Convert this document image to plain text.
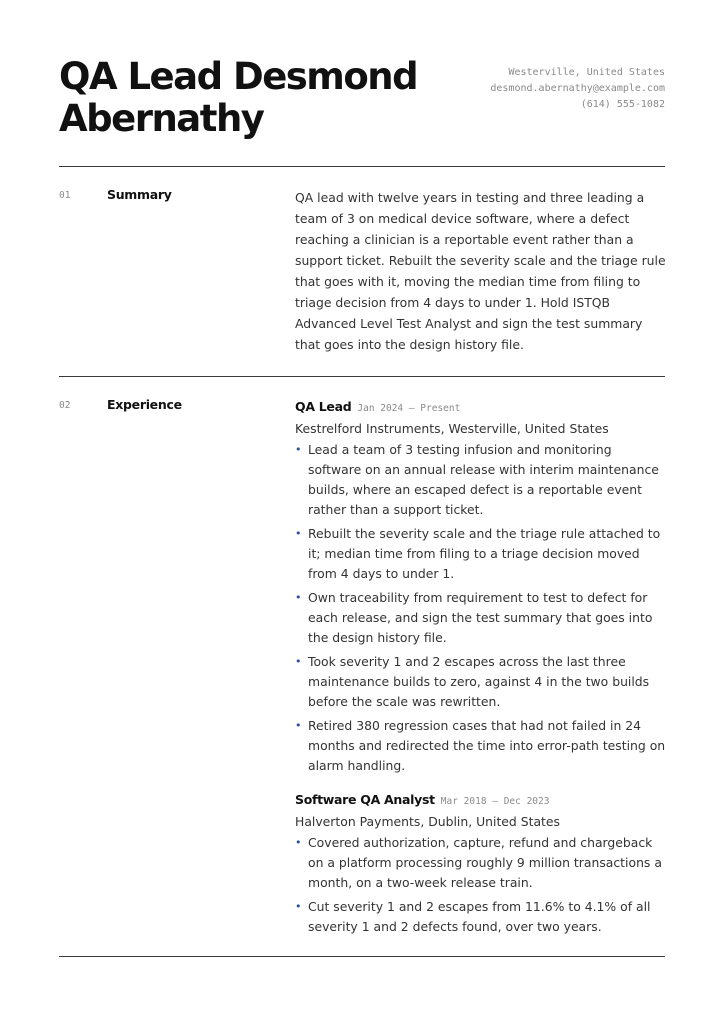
QA Lead Desmond Abernathy
Westerville, United States
desmond.abernathy@example.com
(614) 555-1082
01	Summary	QA lead with twelve years in testing and three leading a team of 3 on medical device software, where a defect reaching a clinician is a reportable event rather than a support ticket. Rebuilt the severity scale and the triage rule that goes with it, moving the median time from filing to triage decision from 4 days to under 1. Hold ISTQB Advanced Level Test Analyst and sign the test summary that goes into the design history file.

02	Experience	QA Lead Jan 2024 – Present
Kestrelford Instruments, Westerville, United States
• Lead a team of 3 testing infusion and monitoring software on an annual release with interim maintenance builds, where an escaped defect is a reportable event rather than a support ticket.
• Rebuilt the severity scale and the triage rule attached to it; median time from filing to a triage decision moved from 4 days to under 1.
• Own traceability from requirement to test to defect for each release, and sign the test summary that goes into the design history file.
• Took severity 1 and 2 escapes across the last three maintenance builds to zero, against 4 in the two builds before the scale was rewritten.
• Retired 380 regression cases that had not failed in 24 months and redirected the time into error-path testing on alarm handling.
Software QA Analyst Mar 2018 – Dec 2023
Halverton Payments, Dublin, United States
• Covered authorization, capture, refund and chargeback on a platform processing roughly 9 million transactions a month, on a two-week release train.
• Cut severity 1 and 2 escapes from 11.6% to 4.1% of all severity 1 and 2 defects found, over two years.
